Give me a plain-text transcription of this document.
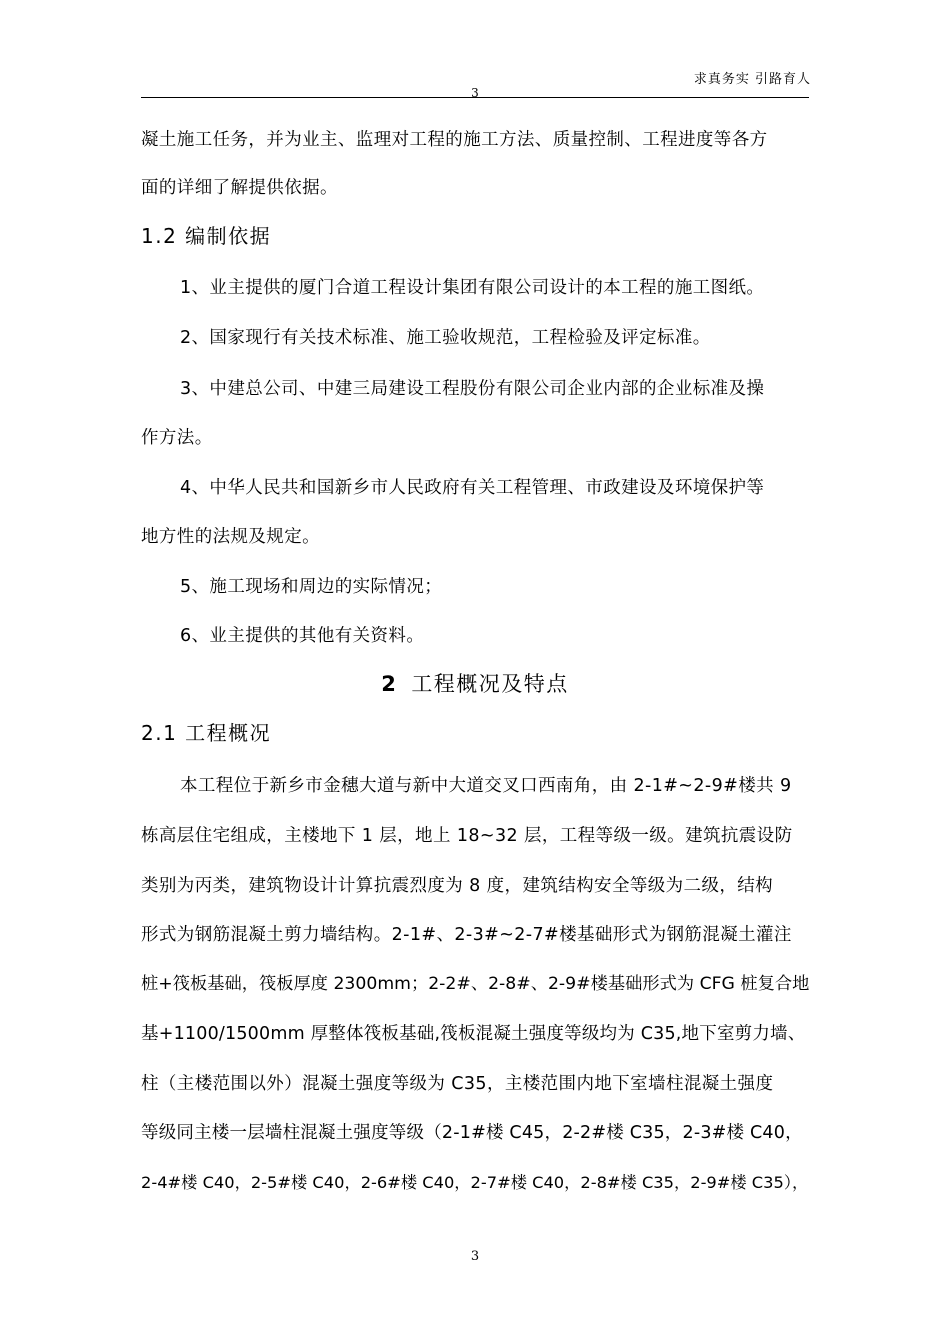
求真务实 引路育人
3
凝土施工任务，并为业主、监理对工程的施工方法、质量控制、工程进度等各方
面的详细了解提供依据。
1.2 编制依据
1、业主提供的厦门合道工程设计集团有限公司设计的本工程的施工图纸。
2、国家现行有关技术标准、施工验收规范，工程检验及评定标准。
3、中建总公司、中建三局建设工程股份有限公司企业内部的企业标准及操
作方法。
4、中华人民共和国新乡市人民政府有关工程管理、市政建设及环境保护等
地方性的法规及规定。
5、施工现场和周边的实际情况；
6、业主提供的其他有关资料。
2 工程概况及特点
2.1 工程概况
本工程位于新乡市金穗大道与新中大道交叉口西南角，由 2-1#~2-9#楼共 9
栋高层住宅组成，主楼地下 1 层，地上 18~32 层，工程等级一级。建筑抗震设防
类别为丙类，建筑物设计计算抗震烈度为 8 度，建筑结构安全等级为二级，结构
形式为钢筋混凝土剪力墙结构。2-1#、2-3#~2-7#楼基础形式为钢筋混凝土灌注
桩+筏板基础，筏板厚度 2300mm；2-2#、2-8#、2-9#楼基础形式为 CFG 桩复合地
基+1100/1500mm 厚整体筏板基础,筏板混凝土强度等级均为 C35,地下室剪力墙、
柱（主楼范围以外）混凝土强度等级为 C35，主楼范围内地下室墙柱混凝土强度
等级同主楼一层墙柱混凝土强度等级（2-1#楼 C45，2-2#楼 C35，2-3#楼 C40，
2-4#楼 C40，2-5#楼 C40，2-6#楼 C40，2-7#楼 C40，2-8#楼 C35，2-9#楼 C35），
3
